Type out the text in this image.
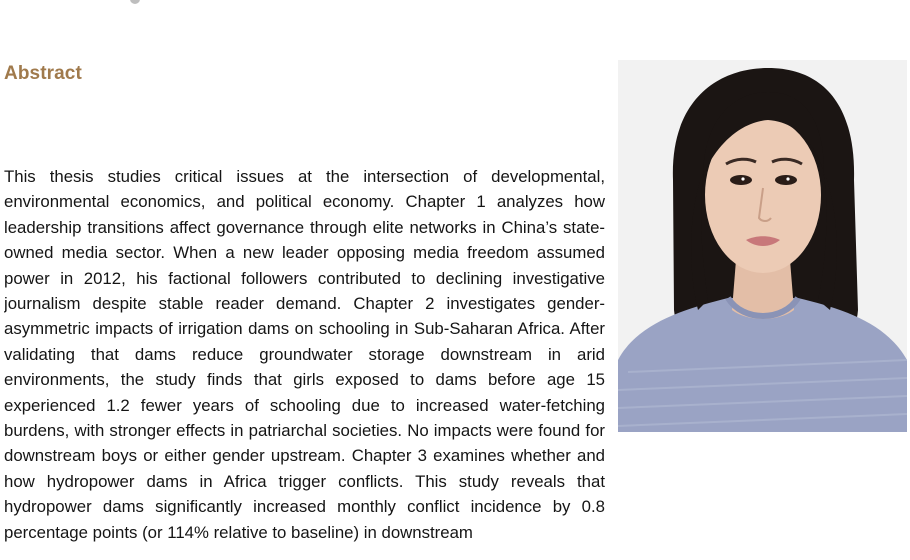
Abstract

This thesis studies critical issues at the intersection of developmental, environmental economics, and political economy. Chapter 1 analyzes how leadership transitions affect governance through elite networks in China’s state-owned media sector. When a new leader opposing media freedom assumed power in 2012, his factional followers contributed to declining investigative journalism despite stable reader demand. Chapter 2 investigates gender-asymmetric impacts of irrigation dams on schooling in Sub-Saharan Africa. After validating that dams reduce groundwater storage downstream in arid environments, the study finds that girls exposed to dams before age 15 experienced 1.2 fewer years of schooling due to increased water-fetching burdens, with stronger effects in patriarchal societies. No impacts were found for downstream boys or either gender upstream. Chapter 3 examines whether and how hydropower dams in Africa trigger conflicts. This study reveals that hydropower dams significantly increased monthly conflict incidence by 0.8 percentage points (or 114% relative to baseline) in downstream
